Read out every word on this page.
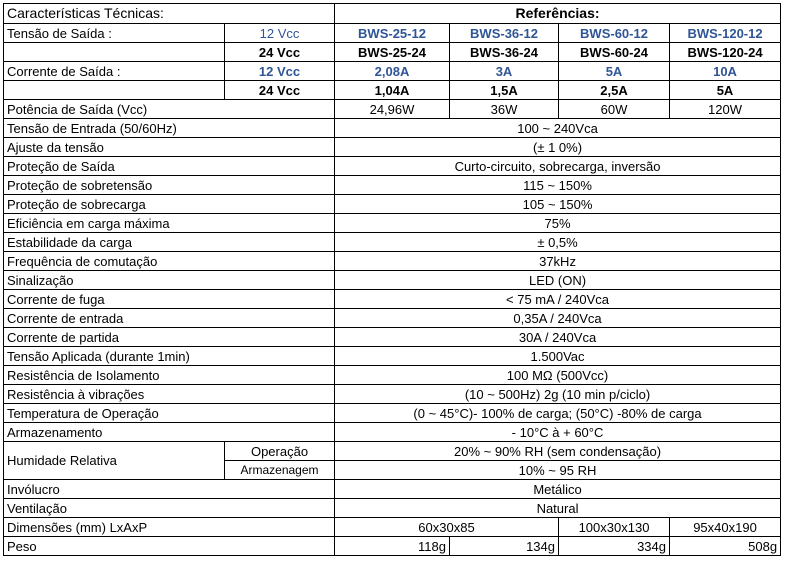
Características Técnicas:		Referências:			
Tensão de Saída :	12 Vcc	BWS-25-12	BWS-36-12	BWS-60-12	BWS-120-12
	24 Vcc	BWS-25-24	BWS-36-24	BWS-60-24	BWS-120-24
Corrente de Saída :	12 Vcc	2,08A	3A	5A	10A
	24 Vcc	1,04A	1,5A	2,5A	5A
Potência de Saída (Vcc)		24,96W	36W	60W	120W
Tensão de Entrada (50/60Hz)		100 ~ 240Vca			
Ajuste da tensão		(± 1 0%)			
Proteção de Saída		Curto-circuito, sobrecarga, inversão			
Proteção de sobretensão		115 ~ 150%			
Proteção de sobrecarga		105 ~ 150%			
Eficiência em carga máxima		75%			
Estabilidade da carga		± 0,5%			
Frequência de comutação		37kHz			
Sinalização		LED (ON)			
Corrente de fuga		< 75 mA / 240Vca			
Corrente de entrada		0,35A / 240Vca			
Corrente de partida		30A / 240Vca			
Tensão Aplicada (durante 1min)		1.500Vac			
Resistência de Isolamento		100 MΩ (500Vcc)			
Resistência à vibrações		(10 ~ 500Hz) 2g (10 min p/ciclo)			
Temperatura de Operação		(0 ~ 45°C)- 100% de carga; (50°C) -80% de carga			
Armazenamento		- 10°C à + 60°C			
Humidade Relativa	Operação	20% ~ 90% RH (sem condensação)			
	Armazenagem	10% ~ 95 RH			
Invólucro		Metálico			
Ventilação		Natural			
Dimensões (mm) LxAxP		60x30x85		100x30x130	95x40x190
Peso		118g	134g	334g	508g
